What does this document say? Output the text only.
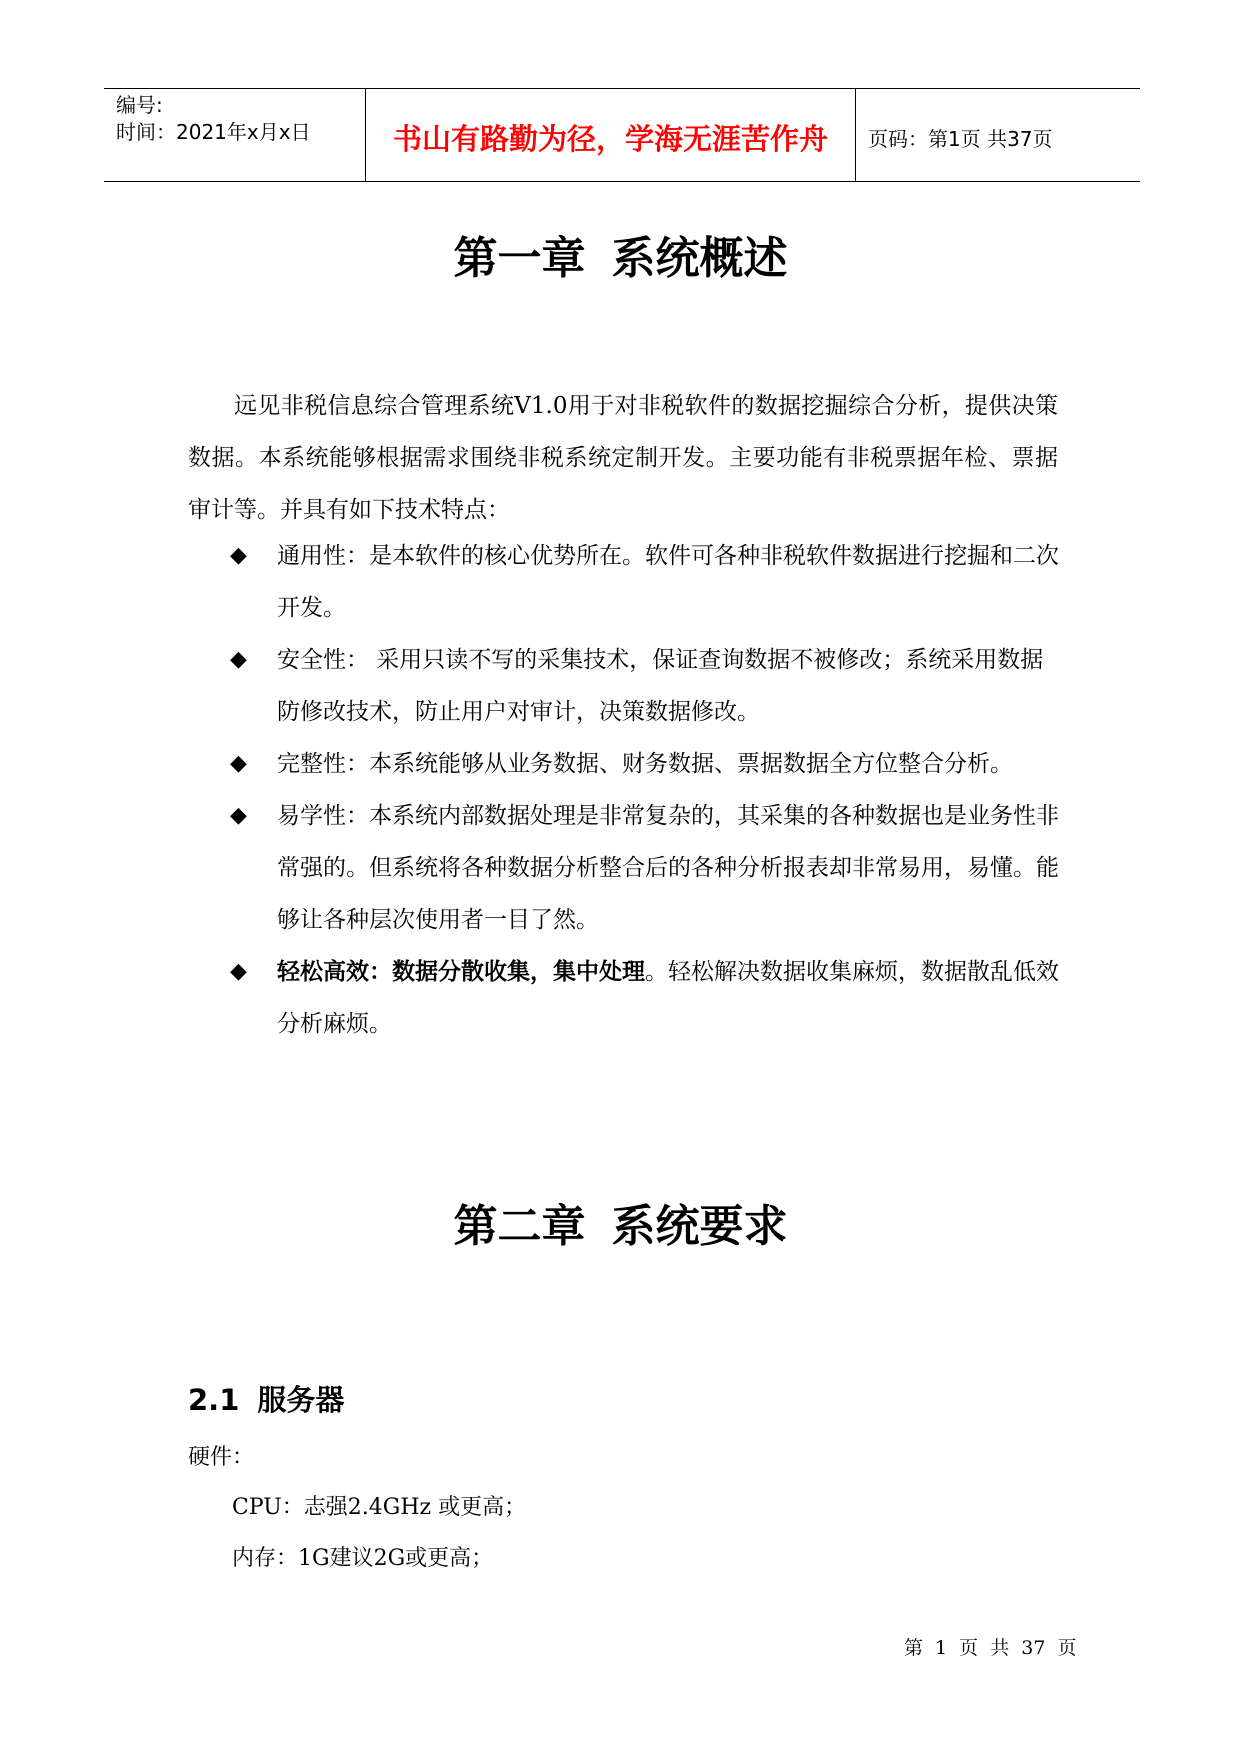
编号:
时间：2021年x月x日	书山有路勤为径，学海无涯苦作舟	页码：第1页 共37页
第一章 系统概述

远见非税信息综合管理系统V1.0用于对非税软件的数据挖掘综合分析，提供决策数据。本系统能够根据需求围绕非税系统定制开发。主要功能有非税票据年检、票据审计等。并具有如下技术特点：

◆ 通用性：是本软件的核心优势所在。软件可各种非税软件数据进行挖掘和二次开发。
◆ 安全性： 采用只读不写的采集技术，保证查询数据不被修改；系统采用数据防修改技术，防止用户对审计，决策数据修改。
◆ 完整性：本系统能够从业务数据、财务数据、票据数据全方位整合分析。
◆ 易学性：本系统内部数据处理是非常复杂的，其采集的各种数据也是业务性非常强的。但系统将各种数据分析整合后的各种分析报表却非常易用，易懂。能够让各种层次使用者一目了然。
◆ 轻松高效：数据分散收集，集中处理。轻松解决数据收集麻烦，数据散乱低效分析麻烦。
第二章 系统要求
2.1 服务器

硬件：

CPU：志强2.4GHz 或更高；

内存：1G建议2G或更高；

第 1 页 共 37 页
